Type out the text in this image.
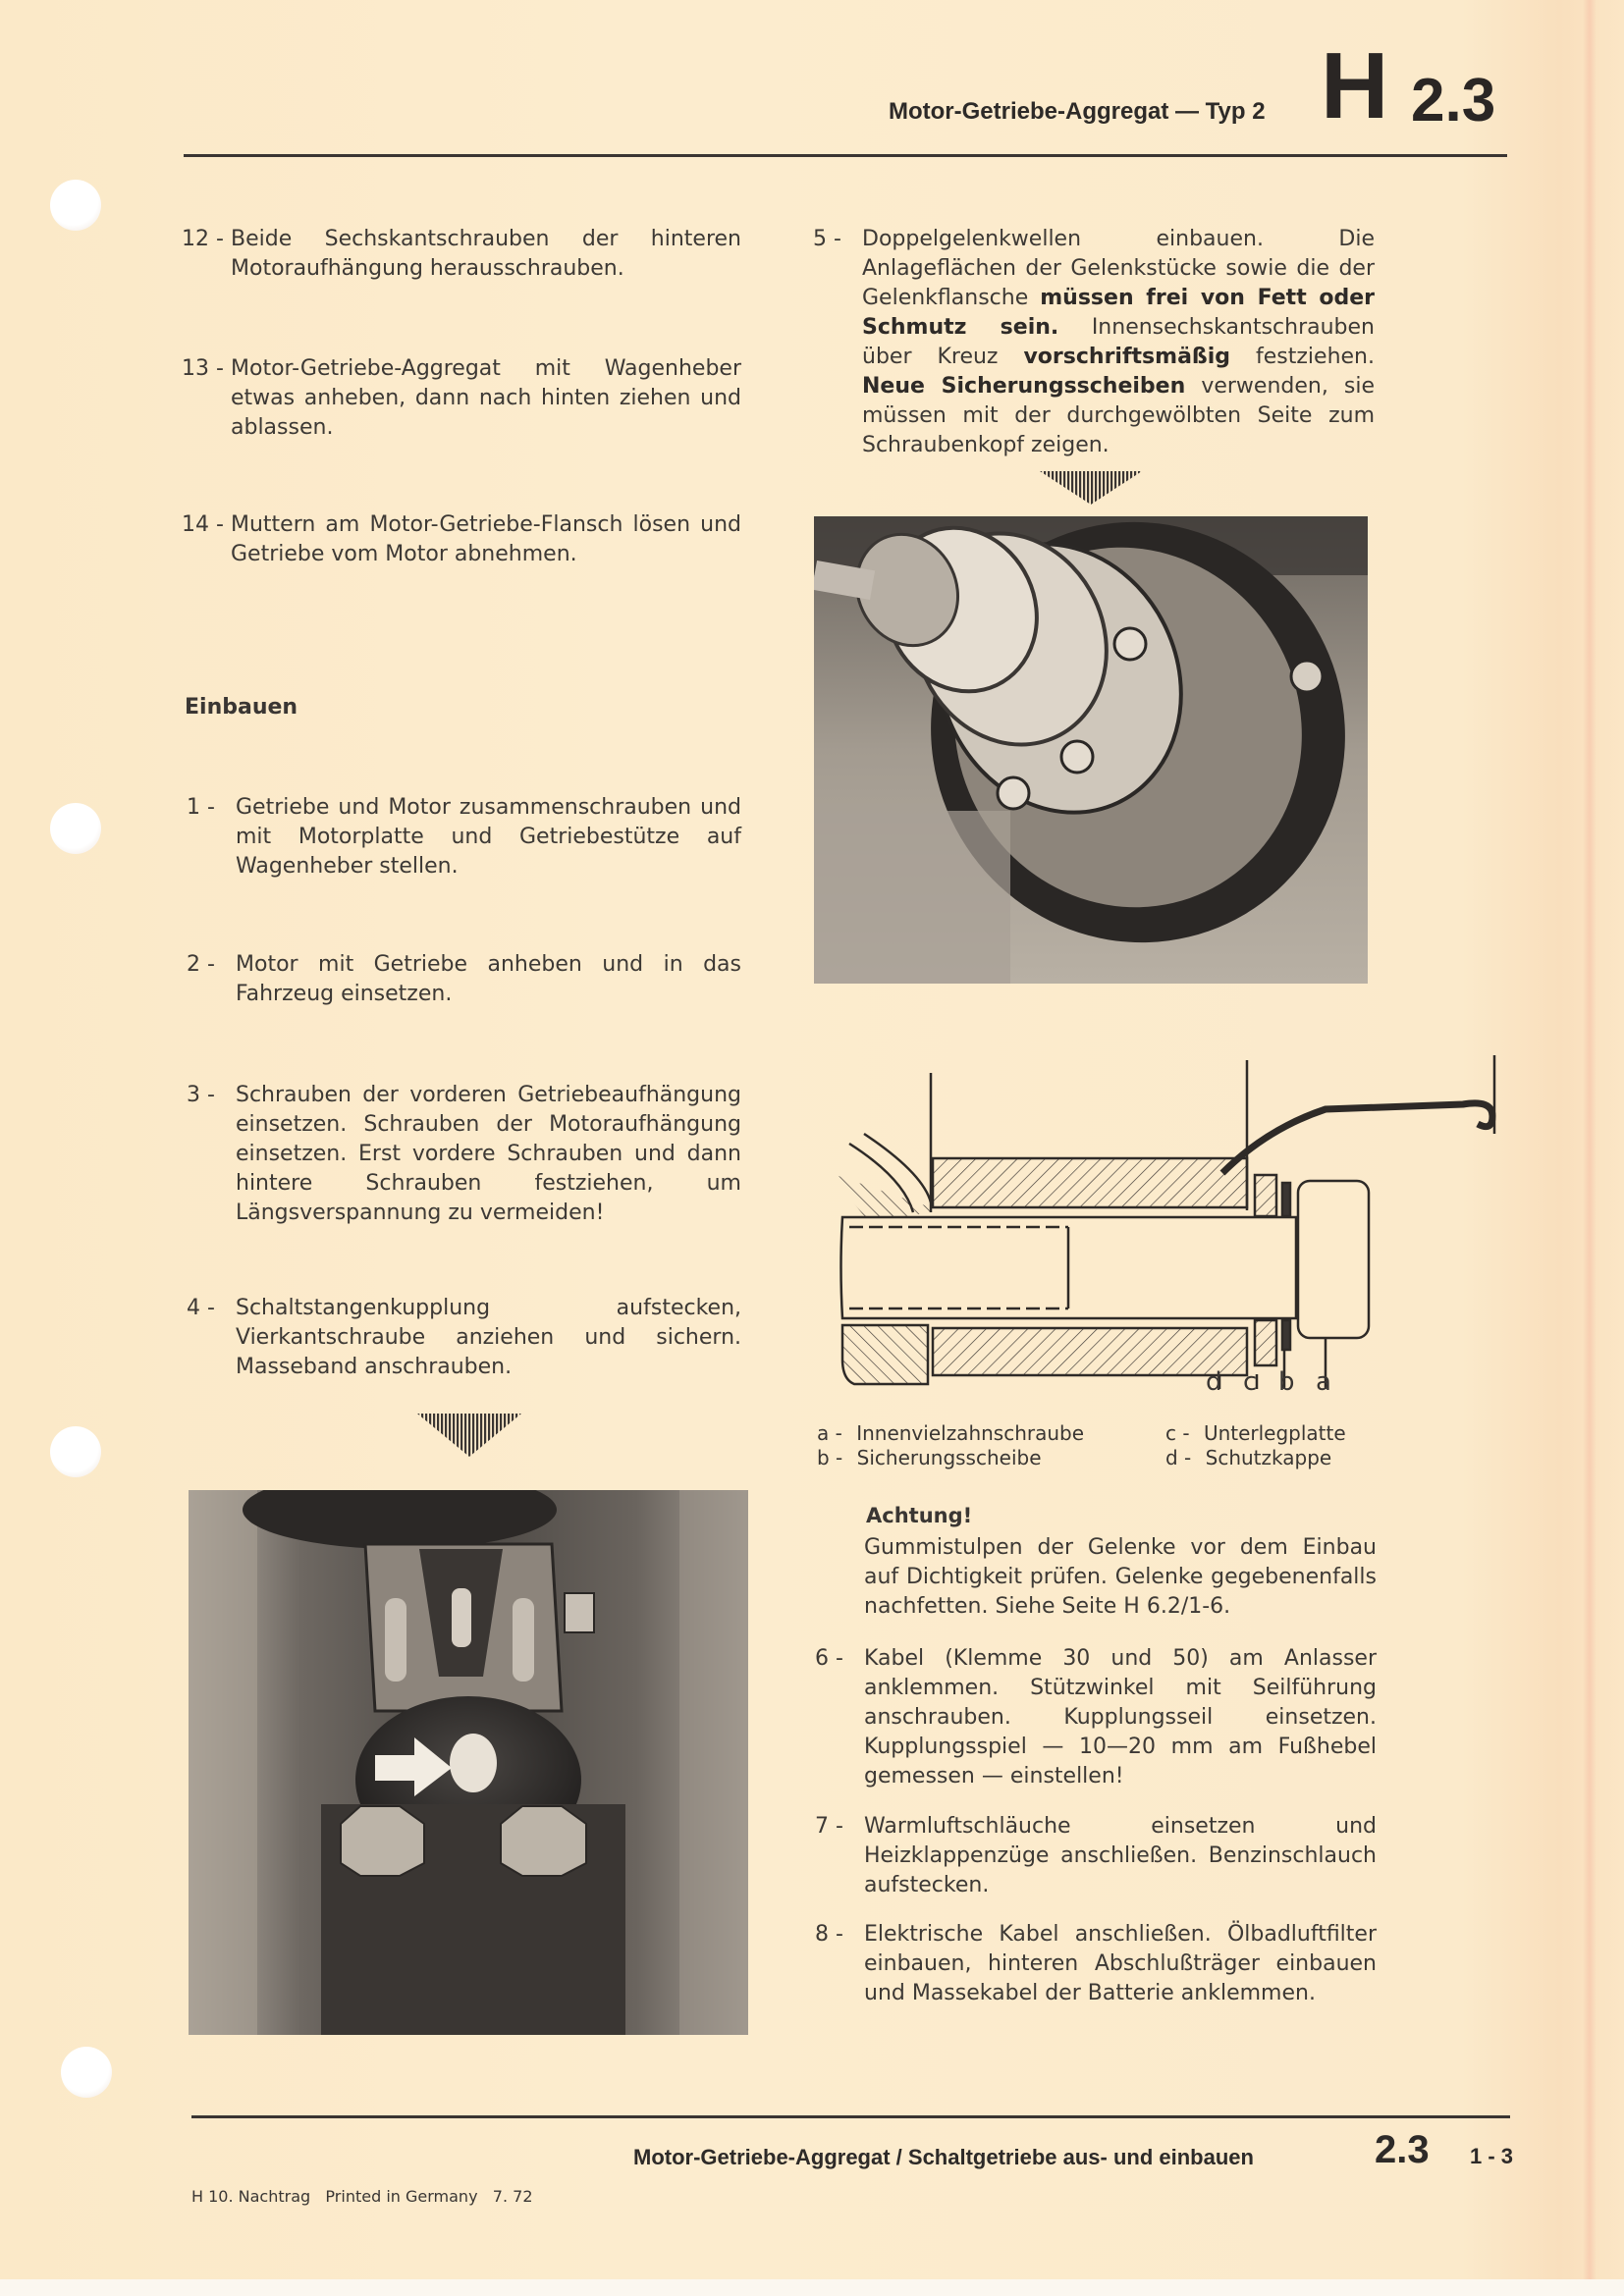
Motor-Getriebe-Aggregat — Typ 2 H 2.3
12 - Beide Sechskantschrauben der hinteren Motoraufhängung herausschrauben.
13 - Motor-Getriebe-Aggregat mit Wagenheber etwas anheben, dann nach hinten ziehen und ablassen.
14 - Muttern am Motor-Getriebe-Flansch lösen und Getriebe vom Motor abnehmen.
Einbauen
1 - Getriebe und Motor zusammenschrauben und mit Motorplatte und Getriebestütze auf Wagenheber stellen.
2 - Motor mit Getriebe anheben und in das Fahrzeug einsetzen.
3 - Schrauben der vorderen Getriebeaufhängung einsetzen. Schrauben der Motoraufhängung einsetzen. Erst vordere Schrauben und dann hintere Schrauben festziehen, um Längsverspannung zu vermeiden!
4 - Schaltstangenkupplung aufstecken, Vierkantschraube anziehen und sichern. Masseband anschrauben.
5 - Doppelgelenkwellen einbauen. Die Anlageflächen der Gelenkstücke sowie die der Gelenkflansche müssen frei von Fett oder Schmutz sein. Innensechskantschrauben über Kreuz vorschriftsmäßig festziehen. Neue Sicherungsscheiben verwenden, sie müssen mit der durchgewölbten Seite zum Schraubenkopf zeigen.
d c b a
a - Innenvielzahnschraube
b - Sicherungsscheibe
c - Unterlegplatte
d - Schutzkappe
Achtung!
Gummistulpen der Gelenke vor dem Einbau auf Dichtigkeit prüfen. Gelenke gegebenenfalls nachfetten. Siehe Seite H 6.2/1-6.
6 - Kabel (Klemme 30 und 50) am Anlasser anklemmen. Stützwinkel mit Seilführung anschrauben. Kupplungsseil einsetzen. Kupplungsspiel — 10—20 mm am Fußhebel gemessen — einstellen!
7 - Warmluftschläuche einsetzen und Heizklappenzüge anschließen. Benzinschlauch aufstecken.
8 - Elektrische Kabel anschließen. Ölbadluftfilter einbauen, hinteren Abschlußträger einbauen und Massekabel der Batterie anklemmen.
Motor-Getriebe-Aggregat / Schaltgetriebe aus- und einbauen	2.3 1 - 3
H 10. Nachtrag   Printed in Germany   7. 72
